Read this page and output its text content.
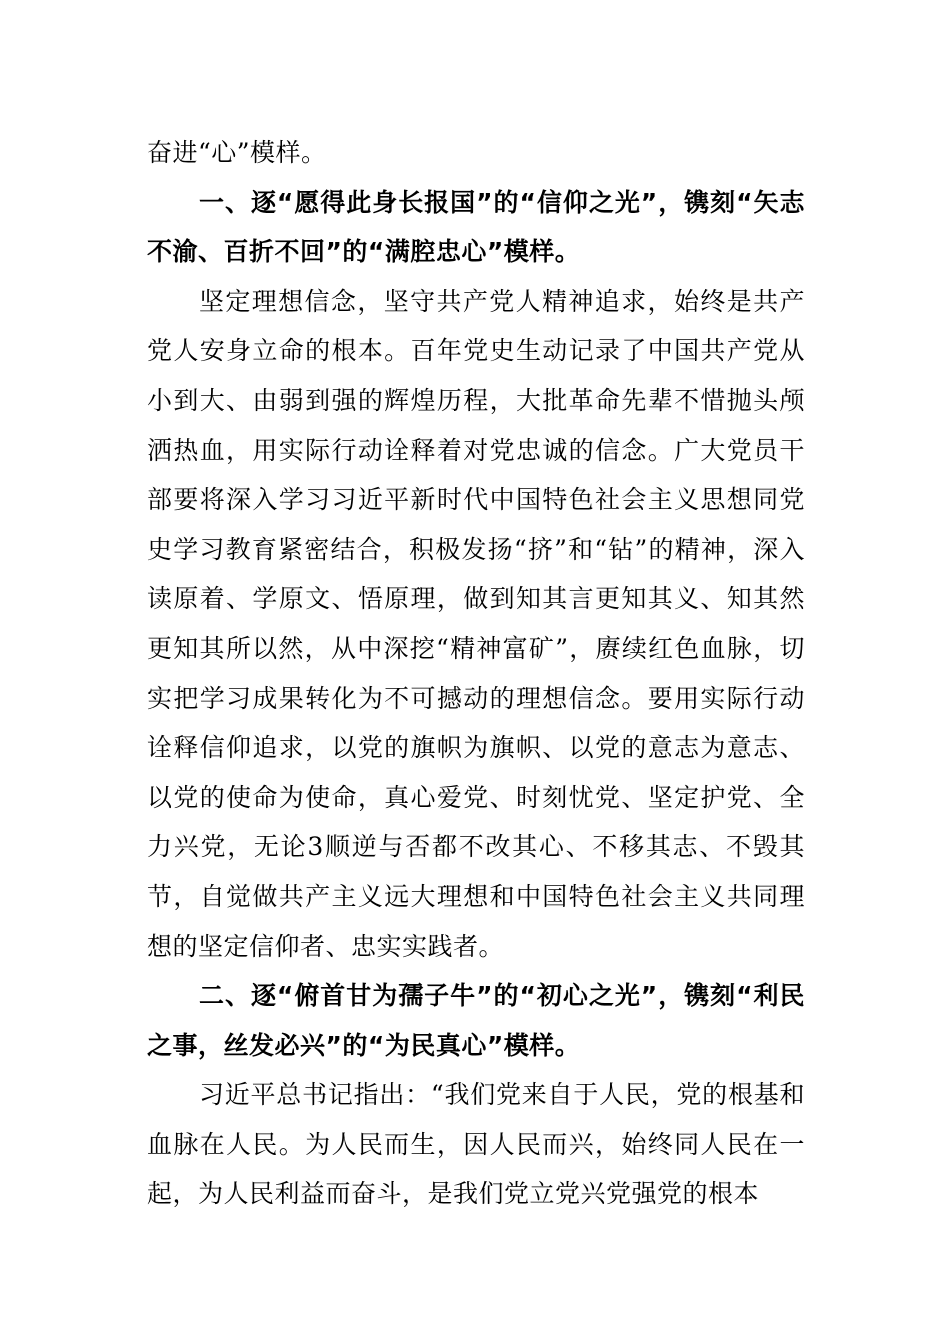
奋进“心”模样。

一、逐“愿得此身长报国”的“信仰之光”，镌刻“矢志不渝、百折不回”的“满腔忠心”模样。

坚定理想信念，坚守共产党人精神追求，始终是共产党人安身立命的根本。百年党史生动记录了中国共产党从小到大、由弱到强的辉煌历程，大批革命先辈不惜抛头颅洒热血，用实际行动诠释着对党忠诚的信念。广大党员干部要将深入学习习近平新时代中国特色社会主义思想同党史学习教育紧密结合，积极发扬“挤”和“钻”的精神，深入读原着、学原文、悟原理，做到知其言更知其义、知其然更知其所以然，从中深挖“精神富矿”，赓续红色血脉，切实把学习成果转化为不可撼动的理想信念。要用实际行动诠释信仰追求，以党的旗帜为旗帜、以党的意志为意志、以党的使命为使命，真心爱党、时刻忧党、坚定护党、全力兴党，无论3顺逆与否都不改其心、不移其志、不毁其节，自觉做共产主义远大理想和中国特色社会主义共同理想的坚定信仰者、忠实实践者。

二、逐“俯首甘为孺子牛”的“初心之光”，镌刻“利民之事，丝发必兴”的“为民真心”模样。

习近平总书记指出：“我们党来自于人民，党的根基和血脉在人民。为人民而生，因人民而兴，始终同人民在一起，为人民利益而奋斗，是我们党立党兴党强党的根本
